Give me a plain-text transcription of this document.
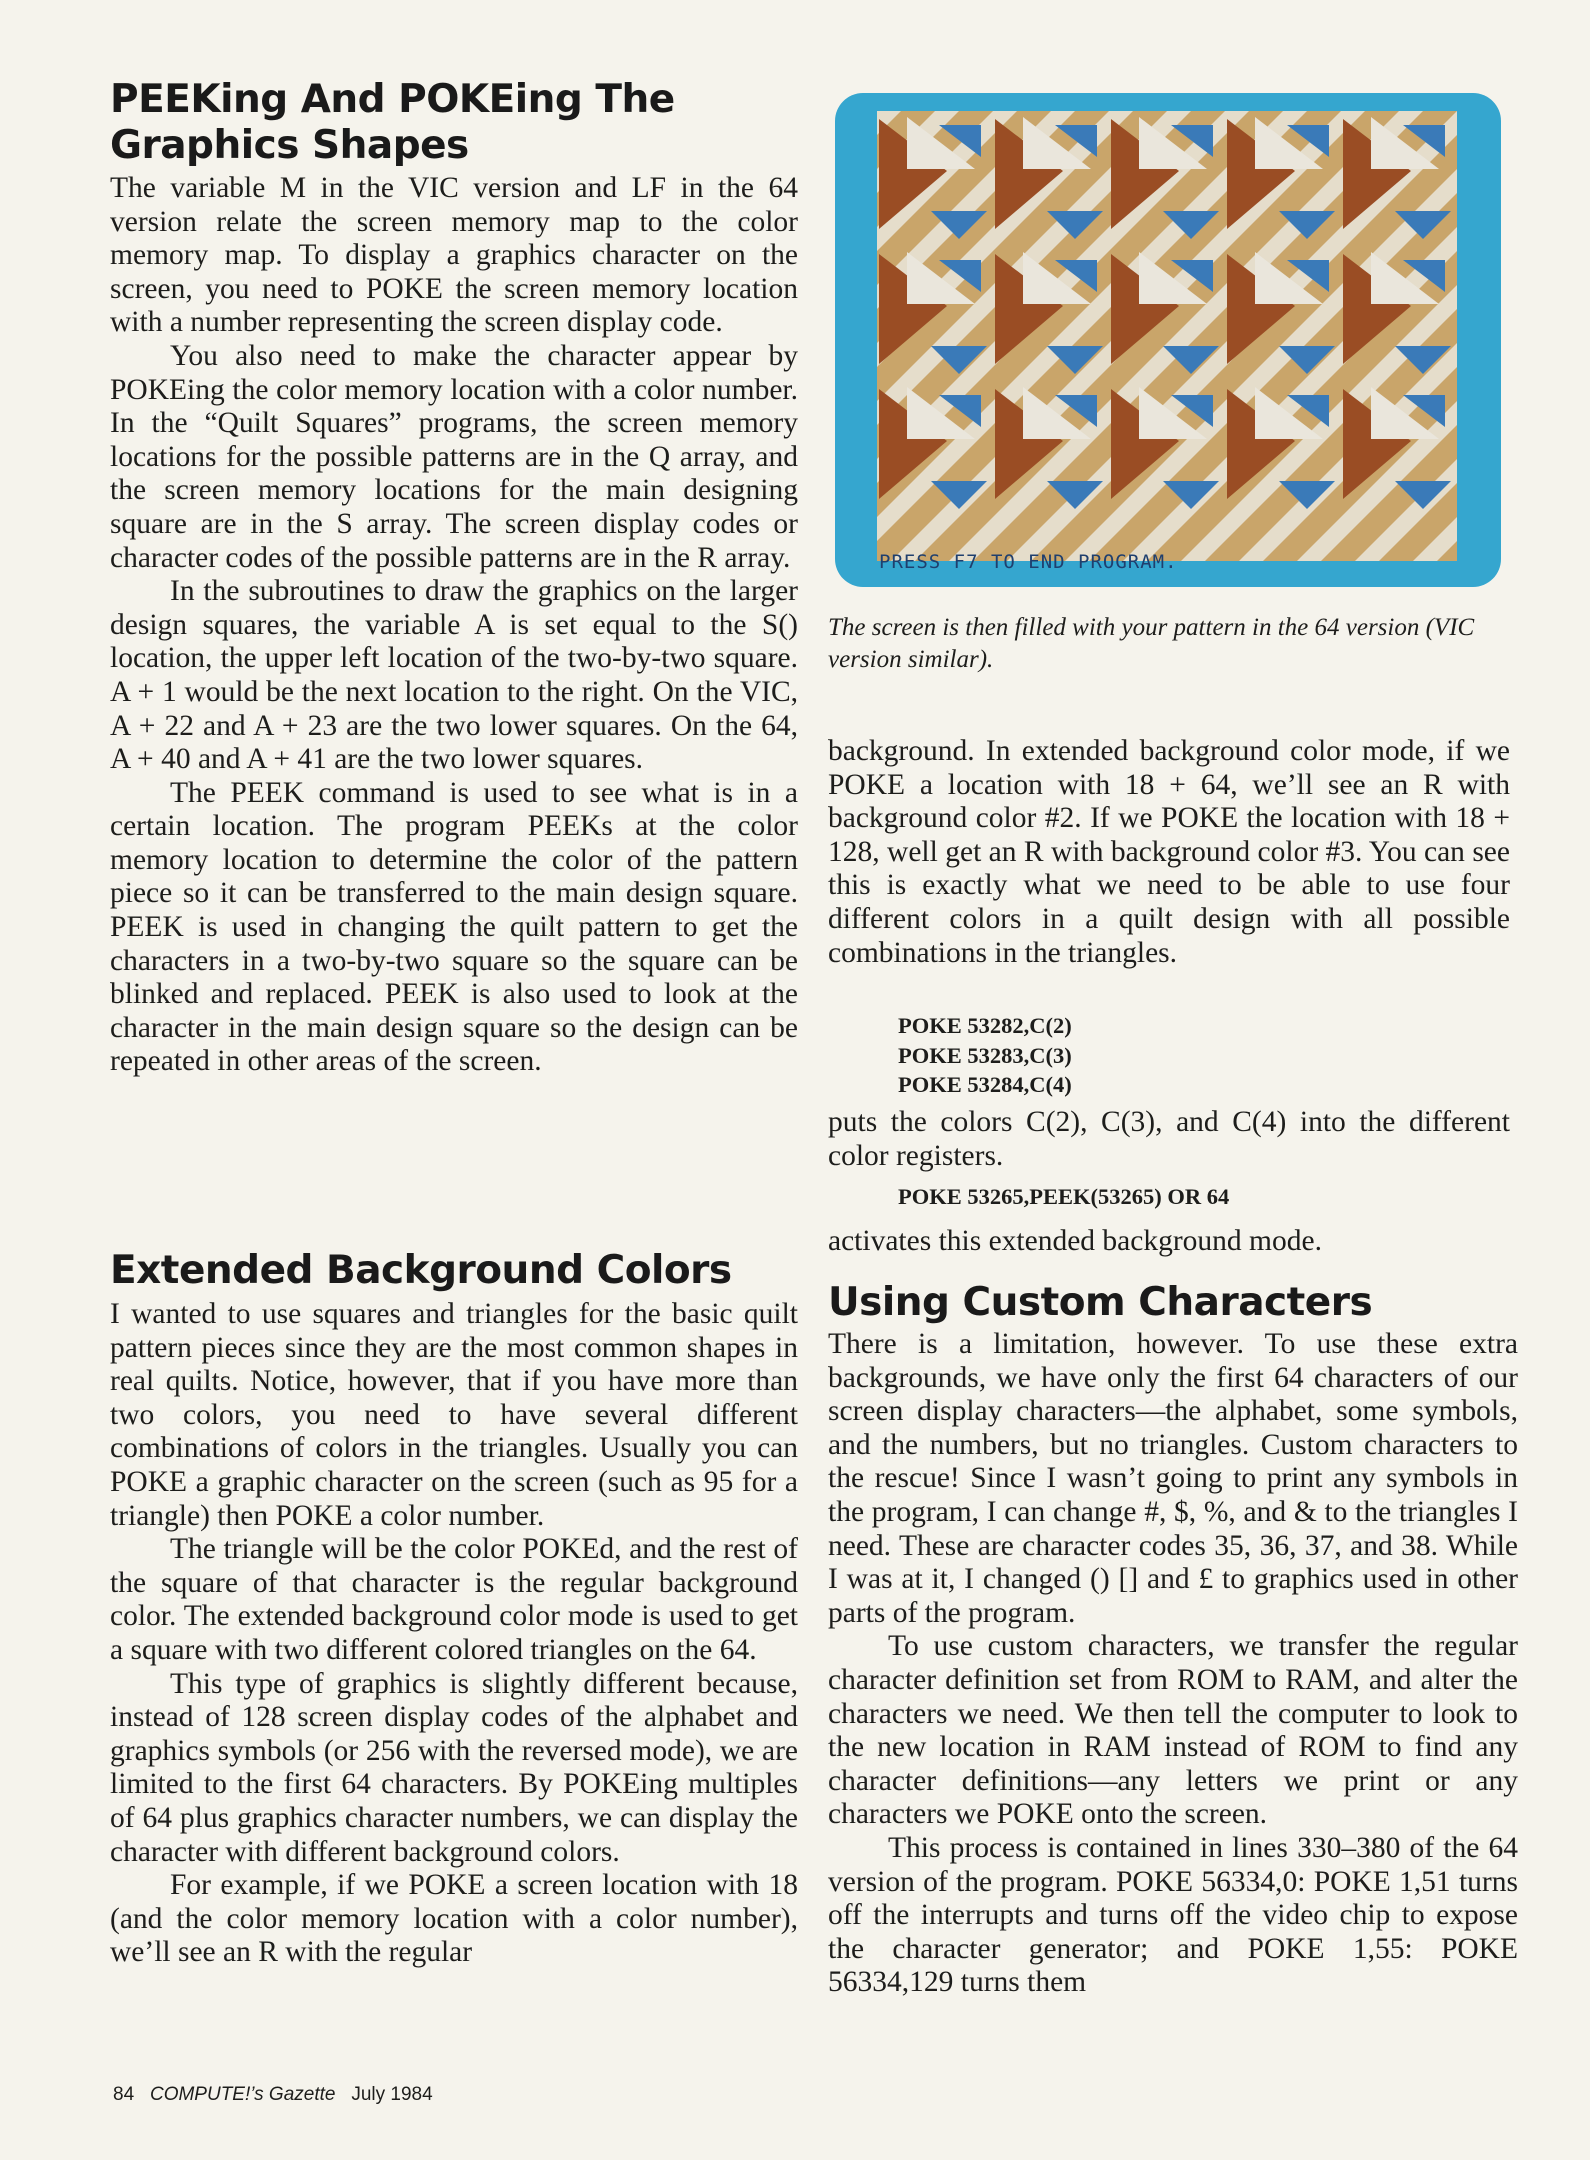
PEEKing And POKEing The
Graphics Shapes

The variable M in the VIC version and LF in the 64 version relate the screen memory map to the color memory map. To display a graphics character on the screen, you need to POKE the screen memory location with a number representing the screen display code.

You also need to make the character appear by POKEing the color memory location with a color number. In the “Quilt Squares” programs, the screen memory locations for the possible patterns are in the Q array, and the screen memory locations for the main designing square are in the S array. The screen display codes or character codes of the possible patterns are in the R array.

In the subroutines to draw the graphics on the larger design squares, the variable A is set equal to the S() location, the upper left location of the two-by-two square. A + 1 would be the next location to the right. On the VIC, A + 22 and A + 23 are the two lower squares. On the 64, A + 40 and A + 41 are the two lower squares.

The PEEK command is used to see what is in a certain location. The program PEEKs at the color memory location to determine the color of the pattern piece so it can be transferred to the main design square. PEEK is used in changing the quilt pattern to get the characters in a two-by-two square so the square can be blinked and replaced. PEEK is also used to look at the character in the main design square so the design can be repeated in other areas of the screen.

Extended Background Colors

I wanted to use squares and triangles for the basic quilt pattern pieces since they are the most common shapes in real quilts. Notice, however, that if you have more than two colors, you need to have several different combinations of colors in the triangles. Usually you can POKE a graphic character on the screen (such as 95 for a triangle) then POKE a color number.

The triangle will be the color POKEd, and the rest of the square of that character is the regular background color. The extended background color mode is used to get a square with two different colored triangles on the 64.

This type of graphics is slightly different because, instead of 128 screen display codes of the alphabet and graphics symbols (or 256 with the reversed mode), we are limited to the first 64 characters. By POKEing multiples of 64 plus graphics character numbers, we can display the character with different background colors.

For example, if we POKE a screen location with 18 (and the color memory location with a color number), we’ll see an R with the regular

PRESS F7 TO END PROGRAM.

The screen is then filled with your pattern in the 64 version (VIC version similar).

background. In extended background color mode, if we POKE a location with 18 + 64, we’ll see an R with background color #2. If we POKE the location with 18 + 128, well get an R with background color #3. You can see this is exactly what we need to be able to use four different colors in a quilt design with all possible combinations in the triangles.

POKE 53282,C(2)
POKE 53283,C(3)
POKE 53284,C(4)

puts the colors C(2), C(3), and C(4) into the different color registers.

POKE 53265,PEEK(53265) OR 64

activates this extended background mode.

Using Custom Characters

There is a limitation, however. To use these extra backgrounds, we have only the first 64 characters of our screen display characters—the alphabet, some symbols, and the numbers, but no triangles. Custom characters to the rescue! Since I wasn’t going to print any symbols in the program, I can change #, $, %, and & to the triangles I need. These are character codes 35, 36, 37, and 38. While I was at it, I changed () [] and £ to graphics used in other parts of the program.

To use custom characters, we transfer the regular character definition set from ROM to RAM, and alter the characters we need. We then tell the computer to look to the new location in RAM instead of ROM to find any character definitions—any letters we print or any characters we POKE onto the screen.

This process is contained in lines 330–380 of the 64 version of the program. POKE 56334,0: POKE 1,51 turns off the interrupts and turns off the video chip to expose the character generator; and POKE 1,55: POKE 56334,129 turns them

84 COMPUTE!’s Gazette July 1984
